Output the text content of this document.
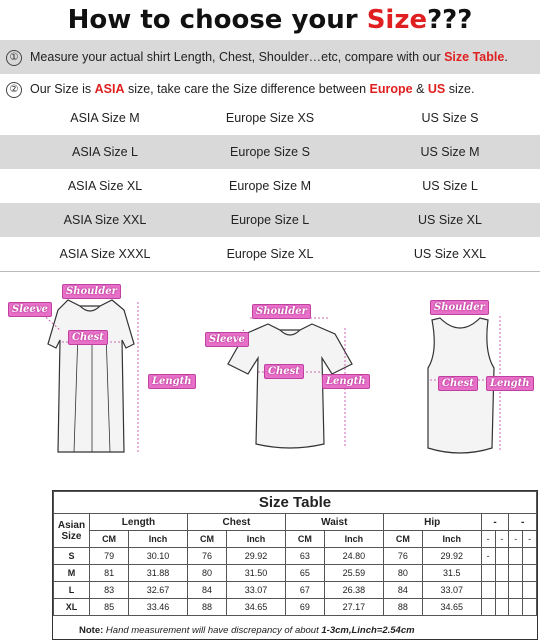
How to choose your Size???
① Measure your actual shirt Length, Chest, Shoulder…etc, compare with our Size Table.
② Our Size is ASIA size, take care the Size difference between Europe & US size.
ASIA Size M	Europe Size XS	US Size S
ASIA Size L	Europe Size S	US Size M
ASIA Size XL	Europe Size M	US Size L
ASIA Size XXL	Europe Size L	US Size XL
ASIA Size XXXL	Europe Size XL	US Size XXL
Shoulder
Sleeve
Chest
Length
Shoulder
Sleeve
Chest
Length
Shoulder
Chest	Length
Size Table												
Asian Size	Length		Chest		Waist		Hip		-		-	
	CM	Inch	CM	Inch	CM	Inch	CM	Inch	-	-	-	-
S	79	30.10	76	29.92	63	24.80	76	29.92	-			
M	81	31.88	80	31.50	65	25.59	80	31.5				
L	83	32.67	84	33.07	67	26.38	84	33.07				
XL	85	33.46	88	34.65	69	27.17	88	34.65				
Note: Hand measurement will have discrepancy of about 1-3cm,Linch=2.54cm
